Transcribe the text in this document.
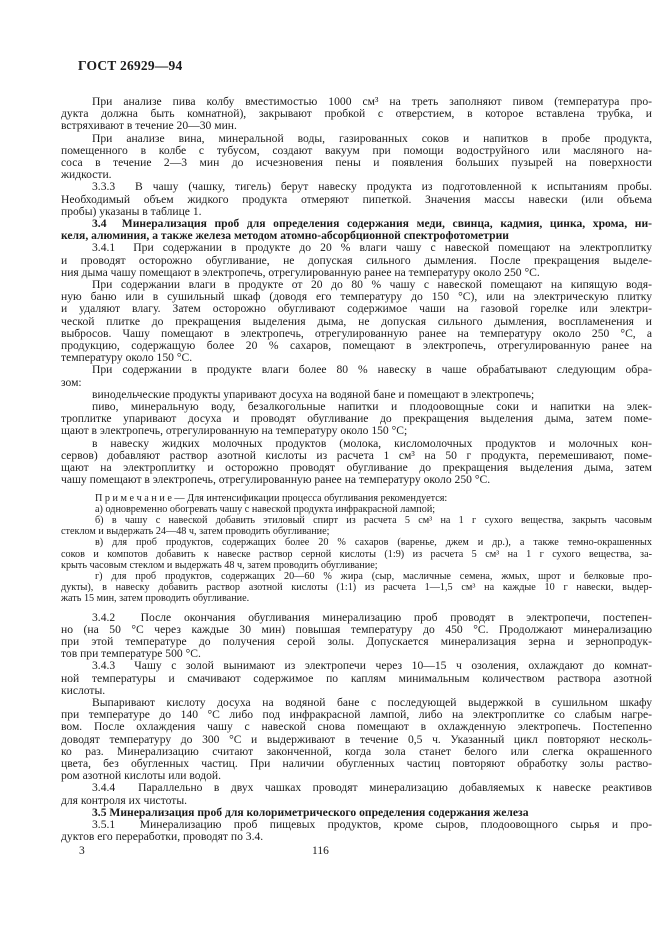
ГОСТ 26929—94

При анализе пива колбу вместимостью 1000 см³ на треть заполняют пивом (температура про-
дукта должна быть комнатной), закрывают пробкой с отверстием, в которое вставлена трубка, и
встряхивают в течение 20—30 мин.

При анализе вина, минеральной воды, газированных соков и напитков в пробе продукта,
помещенного в колбе с тубусом, создают вакуум при помощи водоструйного или масляного на-
соса в течение 2—3 мин до исчезновения пены и появления больших пузырей на поверхности
жидкости.

3.3.3  В чашу (чашку, тигель) берут навеску продукта из подготовленной к испытаниям пробы.
Необходимый объем жидкого продукта отмеряют пипеткой. Значения массы навески (или объема
пробы) указаны в таблице 1.

3.4  Минерализация проб для определения содержания меди, свинца, кадмия, цинка, хрома, ни-
келя, алюминия, а также железа методом атомно-абсорбционной спектрофотометрии

3.4.1  При содержании в продукте до 20 % влаги чашу с навеской помещают на электроплитку
и проводят осторожно обугливание, не допуская сильного дымления. После прекращения выделе-
ния дыма чашу помещают в электропечь, отрегулированную ранее на температуру около 250 °С.

При содержании влаги в продукте от 20 до 80 % чашу с навеской помещают на кипящую водя-
ную баню или в сушильный шкаф (доводя его температуру до 150 °С), или на электрическую плитку
и удаляют влагу. Затем осторожно обугливают содержимое чаши на газовой горелке или электри-
ческой плитке до прекращения выделения дыма, не допуская сильного дымления, воспламенения и
выбросов. Чашу помещают в электропечь, отрегулированную ранее на температуру около 250 °С, а
продукцию, содержащую более 20 % сахаров, помещают в электропечь, отрегулированную ранее на
температуру около 150 °С.

При содержании в продукте влаги более 80 % навеску в чаше обрабатывают следующим обра-
зом:

винодельческие продукты упаривают досуха на водяной бане и помещают в электропечь;

пиво, минеральную воду, безалкогольные напитки и плодоовощные соки и напитки на элек-
троплитке упаривают досуха и проводят обугливание до прекращения выделения дыма, затем поме-
щают в электропечь, отрегулированную на температуру около 150 °С;

в навеску жидких молочных продуктов (молока, кисломолочных продуктов и молочных кон-
сервов) добавляют раствор азотной кислоты из расчета 1 см³ на 50 г продукта, перемешивают, поме-
щают на электроплитку и осторожно проводят обугливание до прекращения выделения дыма, затем
чашу помещают в электропечь, отрегулированную ранее на температуру около 250 °С.

П р и м е ч а н и е — Для интенсификации процесса обугливания рекомендуется:

а) одновременно обогревать чашу с навеской продукта инфракрасной лампой;

б) в чашу с навеской добавить этиловый спирт из расчета 5 см³ на 1 г сухого вещества, закрыть часовым
стеклом и выдержать 24—48 ч, затем проводить обугливание;

в) для проб продуктов, содержащих более 20 % сахаров (варенье, джем и др.), а также темно-окрашенных
соков и компотов добавить к навеске раствор серной кислоты (1:9) из расчета 5 см³ на 1 г сухого вещества, за-
крыть часовым стеклом и выдержать 48 ч, затем проводить обугливание;

г) для проб продуктов, содержащих 20—60 % жира (сыр, масличные семена, жмых, шрот и белковые про-
дукты), в навеску добавить раствор азотной кислоты (1:1) из расчета 1—1,5 см³ на каждые 10 г навески, выдер-
жать 15 мин, затем проводить обугливание.

3.4.2  После окончания обугливания минерализацию проб проводят в электропечи, постепен-
но (на 50 °С через каждые 30 мин) повышая температуру до 450 °С. Продолжают минерализацию
при этой температуре до получения серой золы. Допускается минерализация зерна и зернопродук-
тов при температуре 500 °С.

3.4.3  Чашу с золой вынимают из электропечи через 10—15 ч озоления, охлаждают до комнат-
ной температуры и смачивают содержимое по каплям минимальным количеством раствора азотной
кислоты.

Выпаривают кислоту досуха на водяной бане с последующей выдержкой в сушильном шкафу
при температуре до 140 °С либо под инфракрасной лампой, либо на электроплитке со слабым нагре-
вом. После охлаждения чашу с навеской снова помещают в охлажденную электропечь. Постепенно
доводят температуру до 300 °С и выдерживают в течение 0,5 ч. Указанный цикл повторяют несколь-
ко раз. Минерализацию считают законченной, когда зола станет белого или слегка окрашенного
цвета, без обугленных частиц. При наличии обугленных частиц повторяют обработку золы раство-
ром азотной кислоты или водой.

3.4.4  Параллельно в двух чашках проводят минерализацию добавляемых к навеске реактивов
для контроля их чистоты.

3.5 Минерализация проб для колориметрического определения содержания железа

3.5.1  Минерализацию проб пищевых продуктов, кроме сыров, плодоовощного сырья и про-
дуктов его переработки, проводят по 3.4.

3	116
